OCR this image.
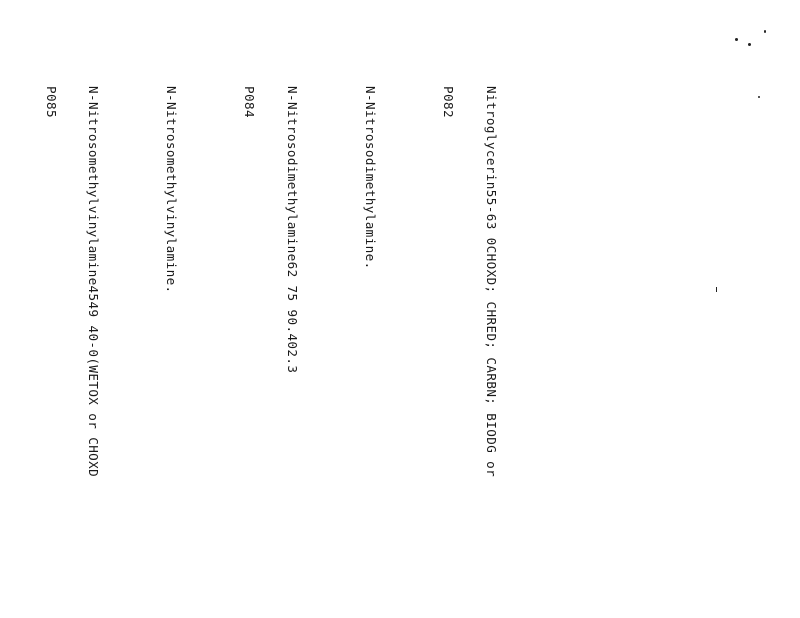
Nitroglycerin55-63 0CHOXD; CHRED; CARBN; BIODG or

P082

N-Nitrosodimethylamine.

N-Nitrosodimethylamine62 75 90.402.3

P084

N-Nitrosomethylvinylamine.

N-Nitrosomethylvinylamine4549 40-0(WETOX or CHOXD

P085
